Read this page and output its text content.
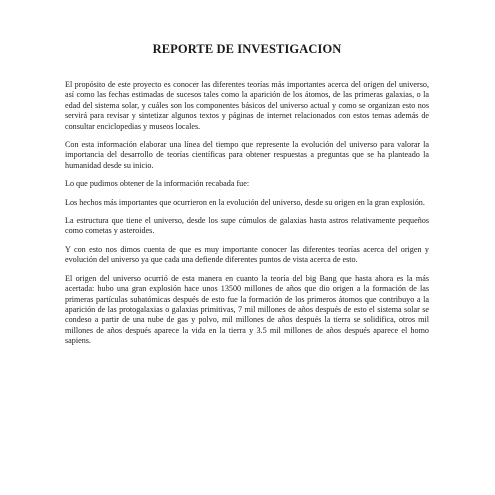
REPORTE DE INVESTIGACION

El propósito de este proyecto es conocer las diferentes teorías más importantes acerca del origen del universo, así como las fechas estimadas de sucesos tales como la aparición de los átomos, de las primeras galaxias, o la edad del sistema solar, y cuáles son los componentes básicos del universo actual y como se organizan esto nos servirá para revisar y sintetizar algunos textos y páginas de internet relacionados con estos temas además de consultar enciclopedias y museos locales.

Con esta información elaborar una línea del tiempo que represente la evolución del universo para valorar la importancia del desarrollo de teorías científicas para obtener respuestas a preguntas que se ha planteado la humanidad desde su inicio.

Lo que pudimos obtener de la información recabada fue:

Los hechos más importantes que ocurrieron en la evolución del universo, desde su origen en la gran explosión.

La estructura que tiene el universo, desde los supe cúmulos de galaxias hasta astros relativamente pequeños como cometas y asteroides.

Y con esto nos dimos cuenta de que es muy importante conocer las diferentes teorías acerca del origen y evolución del universo ya que cada una defiende diferentes puntos de vista acerca de esto.

El origen del universo ocurrió de esta manera en cuanto la teoría del big Bang que hasta ahora es la más acertada: hubo una gran explosión hace unos 13500 millones de años que dio origen a la formación de las primeras partículas subatómicas después de esto fue la formación de los primeros átomos que contribuyo a la aparición de las protogalaxias o galaxias primitivas, 7 mil millones de años después de esto el sistema solar se condeso a partir de una nube de gas y polvo, mil millones de años después la tierra se solidifica, otros mil millones de años después aparece la vida en la tierra y 3.5 mil millones de años después aparece el homo sapiens.
